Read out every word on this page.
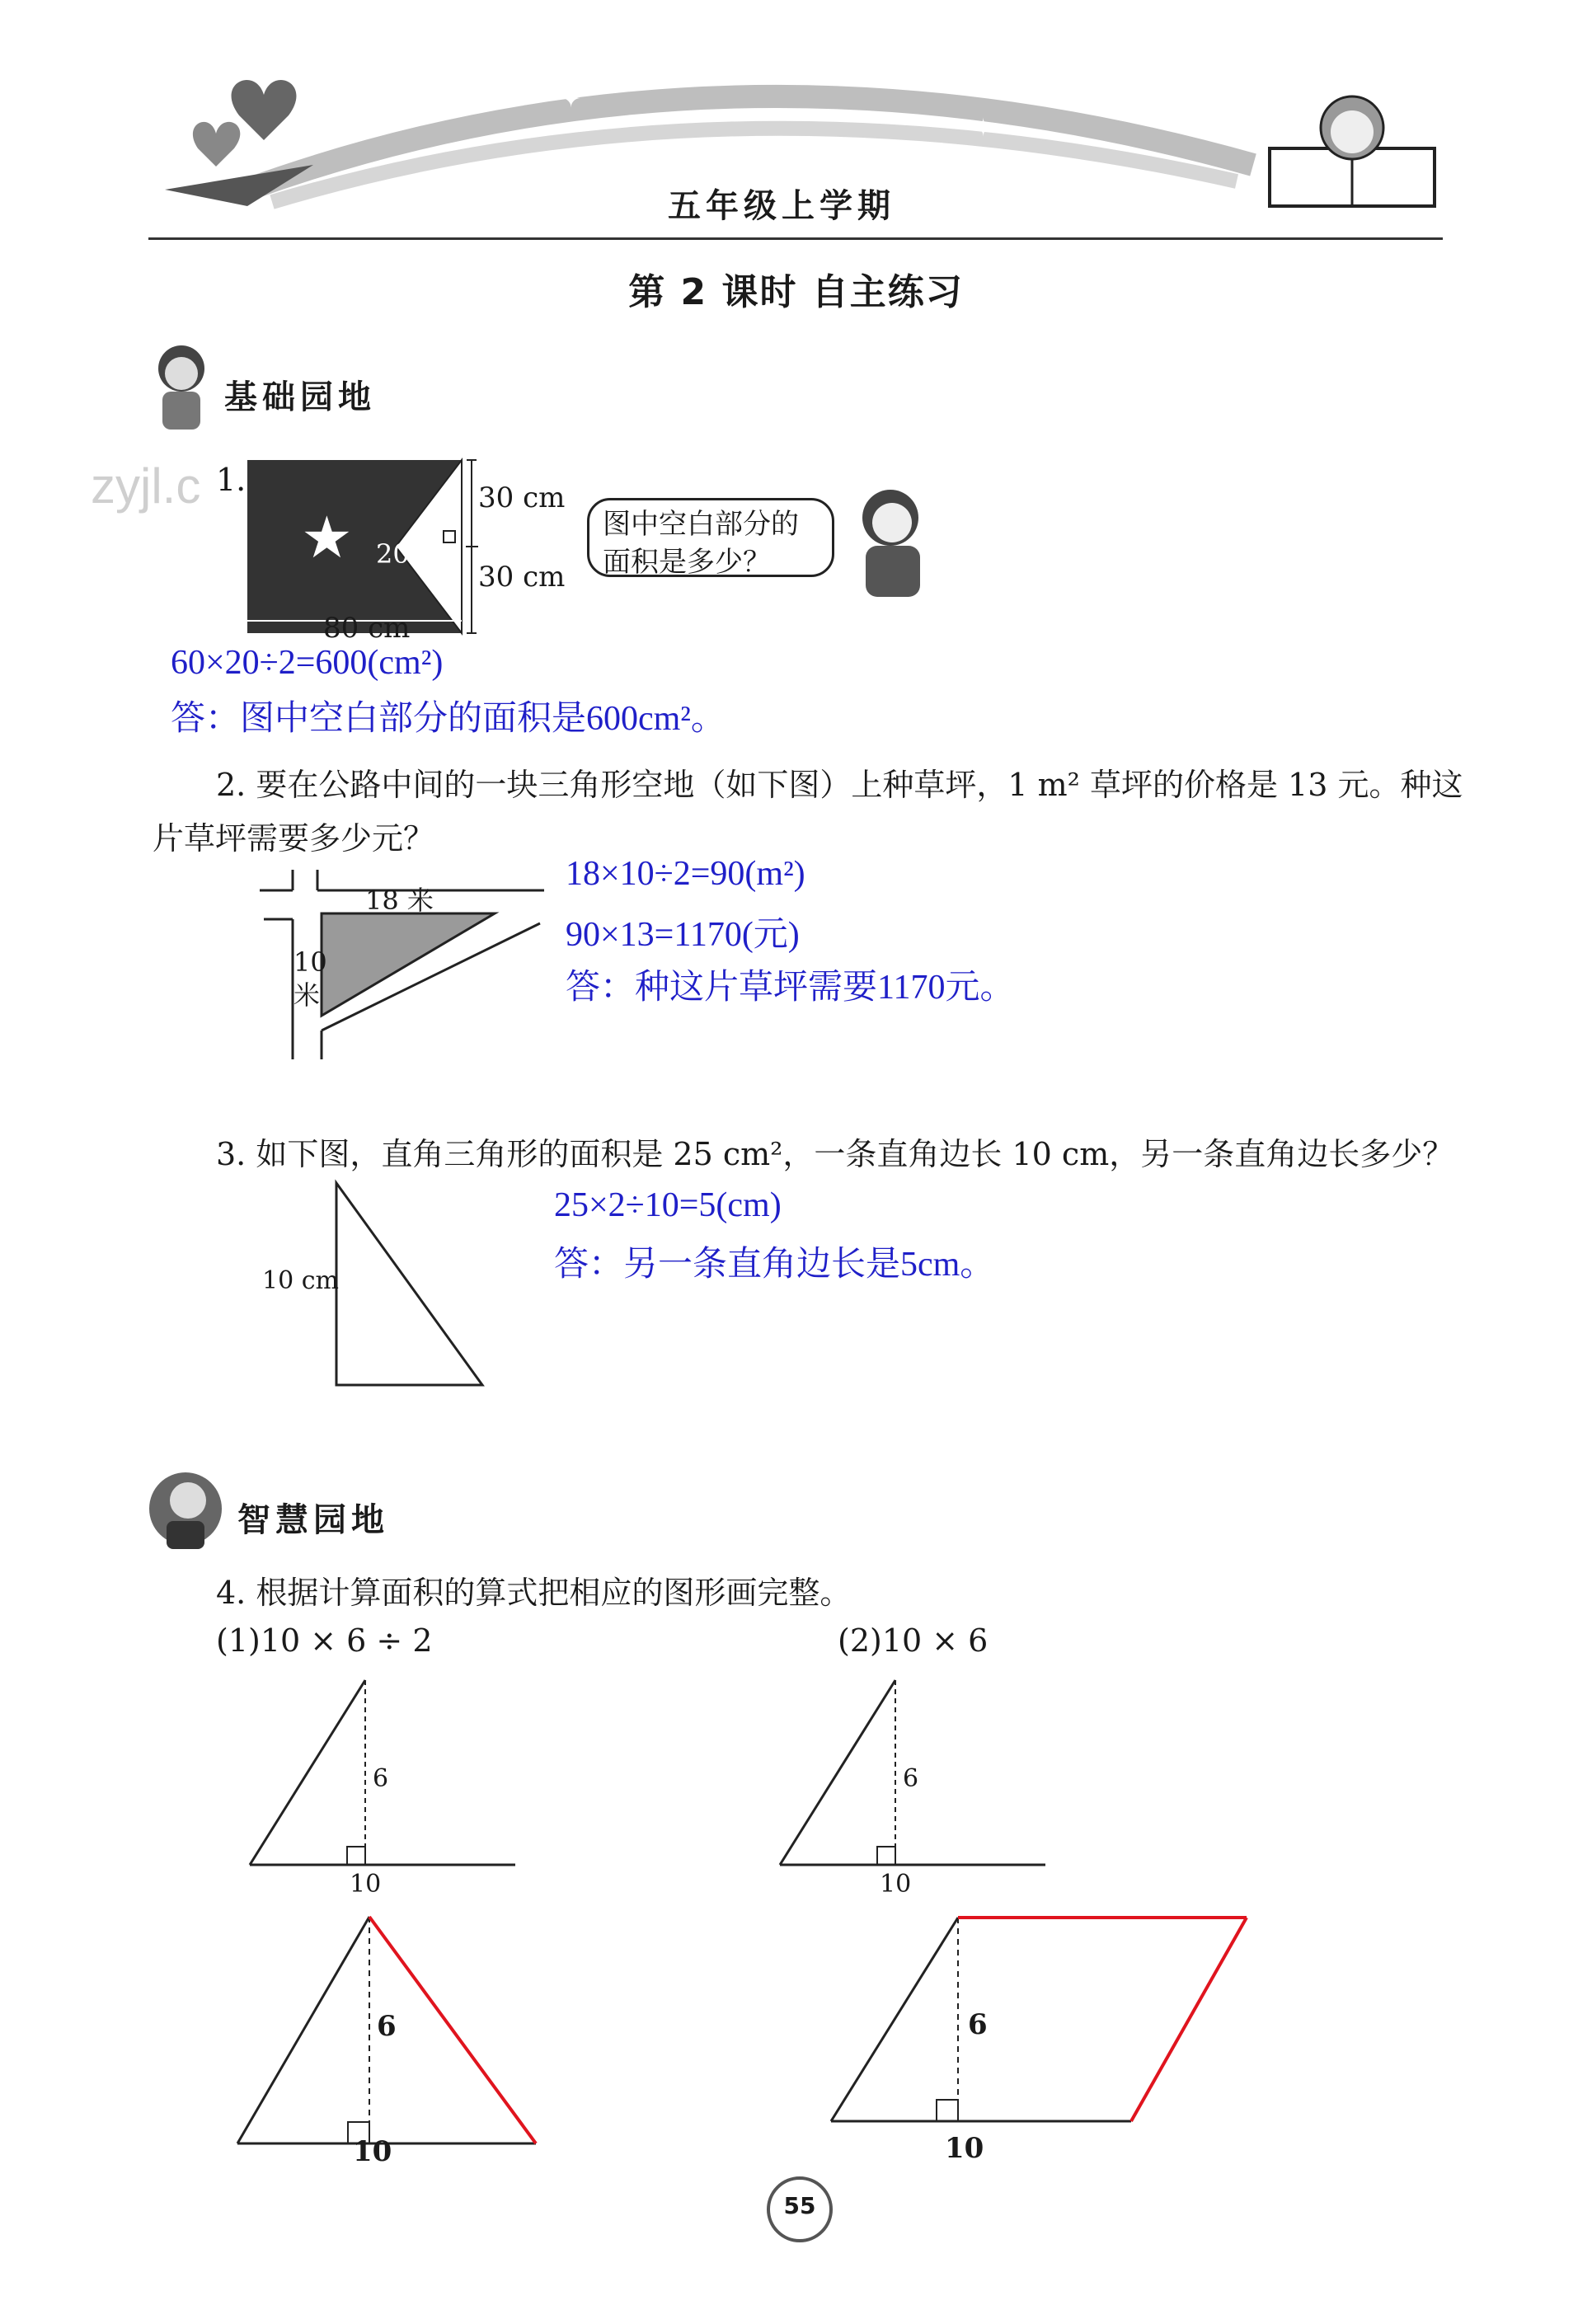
✦
✦
五年级上学期
第 2 课时 自主练习
基础园地
zyjl.c 1.
★
30 cm
30 cm
20 cm
80 cm
图中空白部分的
面积是多少？
60×20÷2=600(cm²)
答：图中空白部分的面积是600cm²。
2. 要在公路中间的一块三角形空地（如下图）上种草坪，1 m² 草坪的价格是 13 元。种这
片草坪需要多少元？
18 米
10
米
18×10÷2=90(m²)
90×13=1170(元)
答：种这片草坪需要1170元。
3. 如下图，直角三角形的面积是 25 cm²，一条直角边长 10 cm，另一条直角边长多少？
10 cm
25×2÷10=5(cm)
答：另一条直角边长是5cm。
智慧园地
4. 根据计算面积的算式把相应的图形画完整。
(1)10 × 6 ÷ 2	(2)10 × 6
6
10
6
10
6
10
6
10
55
